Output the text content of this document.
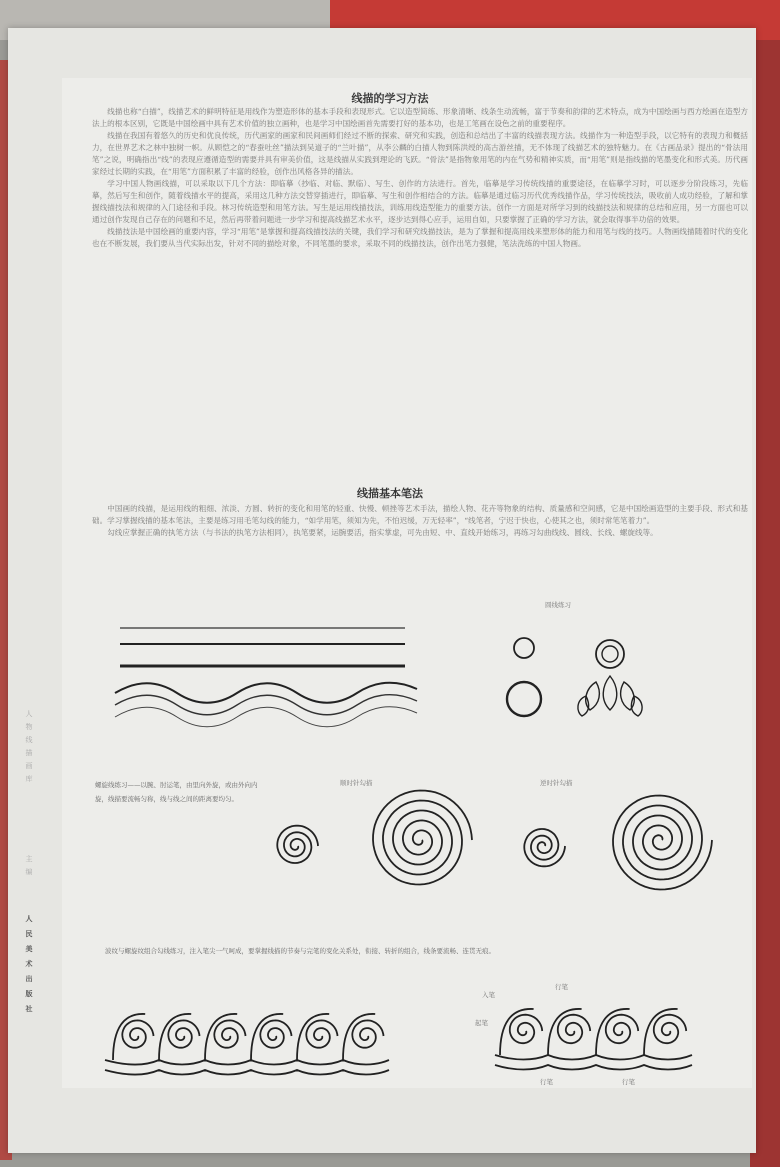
线描的学习方法

线描也称“白描”，线描艺术的鲜明特征是用线作为塑造形体的基本手段和表现形式。它以造型简练、形象清晰、线条生动流畅，富于节奏和韵律的艺术特点，成为中国绘画与西方绘画在造型方法上的根本区别，它既是中国绘画中具有艺术价值的独立画种，也是学习中国绘画首先需要打好的基本功，也是工笔画在设色之前的重要程序。

线描在我国有着悠久的历史和优良传统，历代画家的画家和民间画师们经过不断的探索、研究和实践，创造和总结出了丰富的线描表现方法。线描作为一种造型手段，以它特有的表现力和概括力，在世界艺术之林中独树一帜。从顾恺之的“春蚕吐丝”描法到吴道子的“兰叶描”，从李公麟的白描人物到陈洪绶的高古游丝描，无不体现了线描艺术的独特魅力。在《古画品录》提出的“骨法用笔”之说，明确指出“线”的表现应遵循造型的需要并具有审美价值，这是线描从实践到理论的飞跃。“骨法”是指物象用笔的内在气势和精神实质，而“用笔”则是指线描的笔墨变化和形式美。历代画家经过长期的实践，在“用笔”方面积累了丰富的经验，创作出风格各异的描法。

学习中国人物画线描，可以采取以下几个方法：即临摹（抄临、对临、默临）、写生、创作的方法进行。首先，临摹是学习传统线描的重要途径，在临摹学习时，可以逐步分阶段练习，先临摹，然后写生和创作，随着线描水平的提高，采用这几种方法交替穿插进行，即临摹、写生和创作相结合的方法。临摹是通过临习历代优秀线描作品，学习传统技法，吸收前人成功经验，了解和掌握线描技法和规律的入门途径和手段。林习传统造型和用笔方法。写生是运用线描技法，训练用线造型能力的重要方法。创作一方面是对所学习到的线描技法和规律的总结和应用，另一方面也可以通过创作发现自己存在的问题和不足，然后再带着问题进一步学习和提高线描艺术水平，逐步达到得心应手，运用自如，只要掌握了正确的学习方法，就会取得事半功倍的效果。

线描技法是中国绘画的重要内容，学习“用笔”是掌握和提高线描技法的关键，我们学习和研究线描技法，是为了掌握和提高用线来塑形体的能力和用笔与线的技巧。人物画线描随着时代的变化也在不断发展，我们要从当代实际出发，针对不同的描绘对象，不同笔墨的要求，采取不同的线描技法，创作出笔力强健，笔法洗练的中国人物画。

线描基本笔法

中国画的线描，是运用线的粗细、浓淡、方圆、转折的变化和用笔的轻重、快慢、顿挫等艺术手法，描绘人物、花卉等物象的结构、质量感和空间感，它是中国绘画造型的主要手段、形式和基础。学习掌握线描的基本笔法，主要是练习用毛笔勾线的能力，“如学用笔，须知为先，不怕迟缓，万无轻率”，“线笔者，宁迟于快也，心使其之也，须时常笔笔着力”。

勾线应掌握正确的执笔方法（与书法的执笔方法相同），执笔要紧，运腕要活，指实掌虚，可先由短、中、直线开始练习，再练习勾曲线线、圆线、长线、螺旋线等。

圆线练习
螺旋线练习——以腕、肘运笔，由里向外旋，或由外向内旋，线描要流畅匀称，线与线之间的距离要均匀。
顺时针勾描	逆时针勾描
波纹与螺旋纹组合勾线练习，注入笔尖一气呵成，要掌握线描的节奏与完笔的变化关系处，衔接、转折的组合，线条要流畅、连贯无痕。
入笔
起笔
行笔
行笔	行笔
人物线描画库
主编
人民美术出版社
